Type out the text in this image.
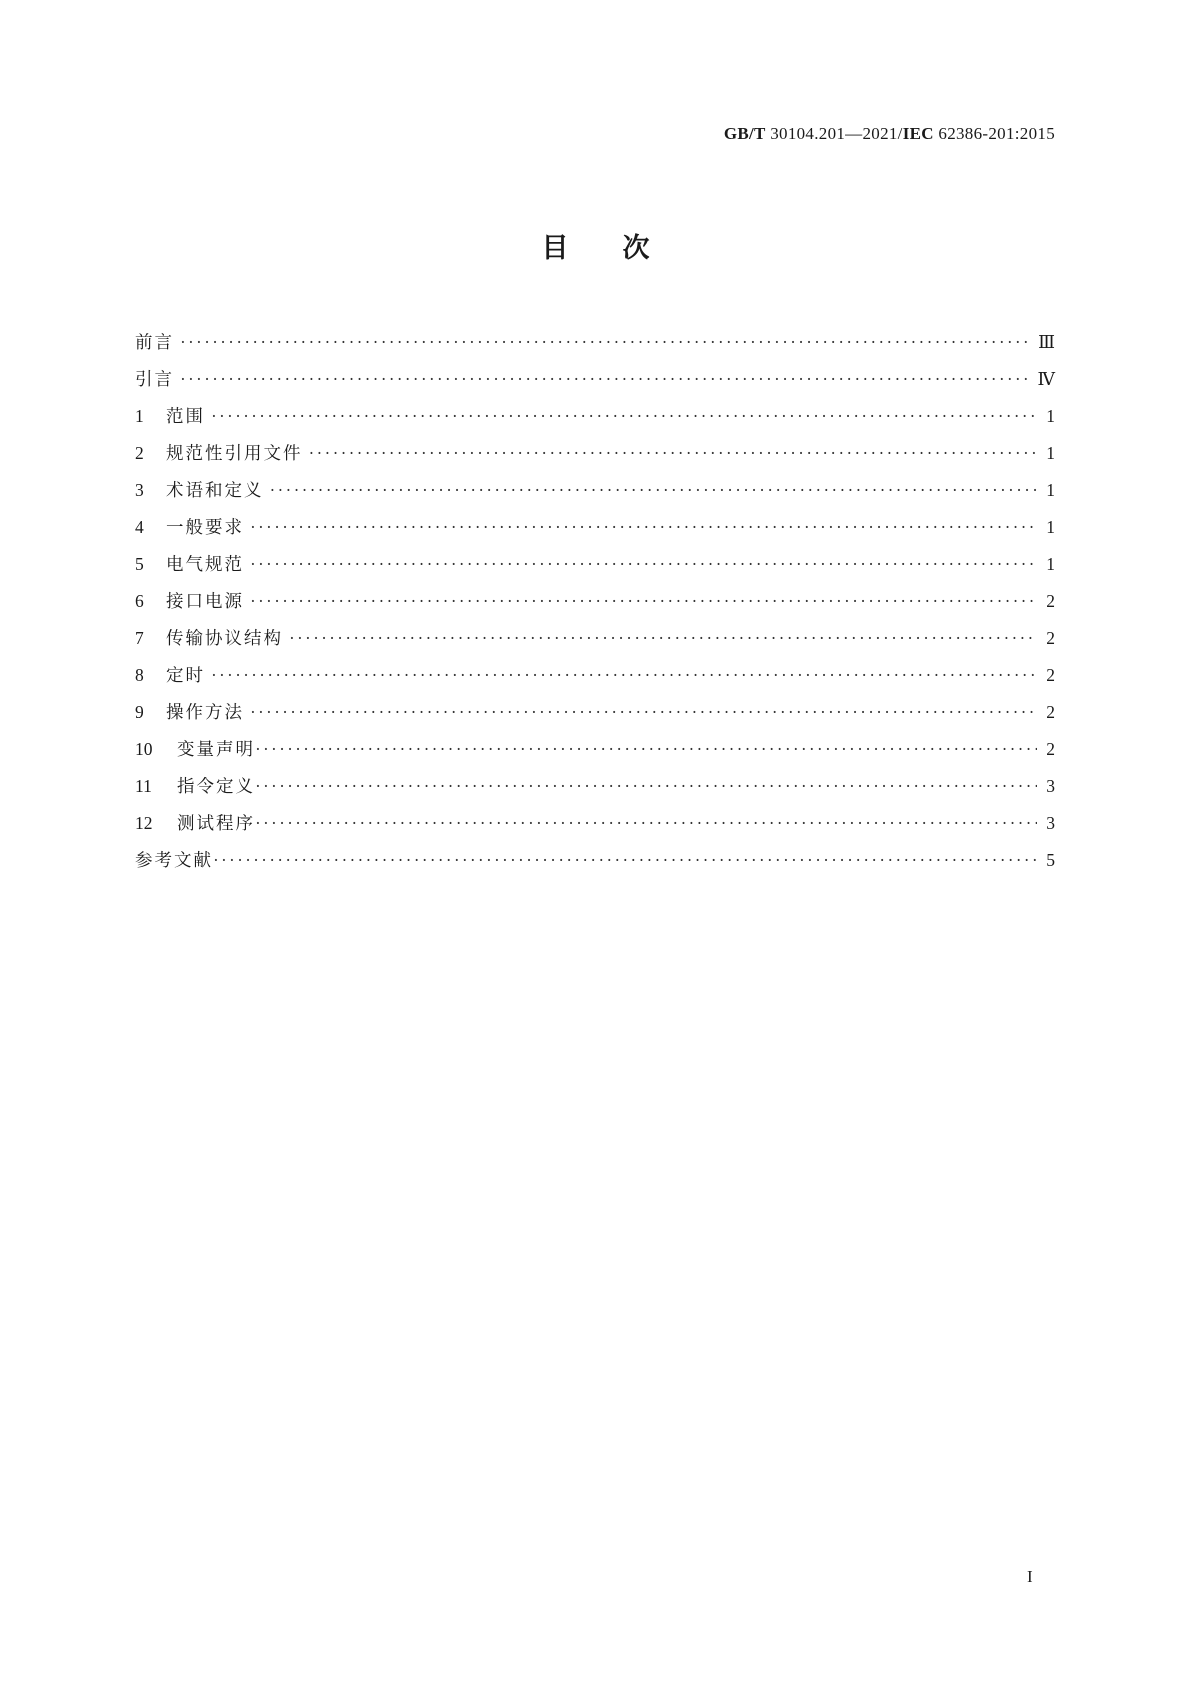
GB/T 30104.201—2021/IEC 62386-201:2015
目次
前言 ·····	Ⅲ
引言 ·····	Ⅳ
1	范围 ·····	1
2	规范性引用文件 ·····	1
3	术语和定义 ·····	1
4	一般要求 ·····	1
5	电气规范 ·····	1
6	接口电源 ·····	2
7	传输协议结构 ·····	2
8	定时 ·····	2
9	操作方法 ·····	2
10	变量声明 ·····	2
11	指令定义 ·····	3
12	测试程序 ·····	3
参考文献 ·····	5
I
